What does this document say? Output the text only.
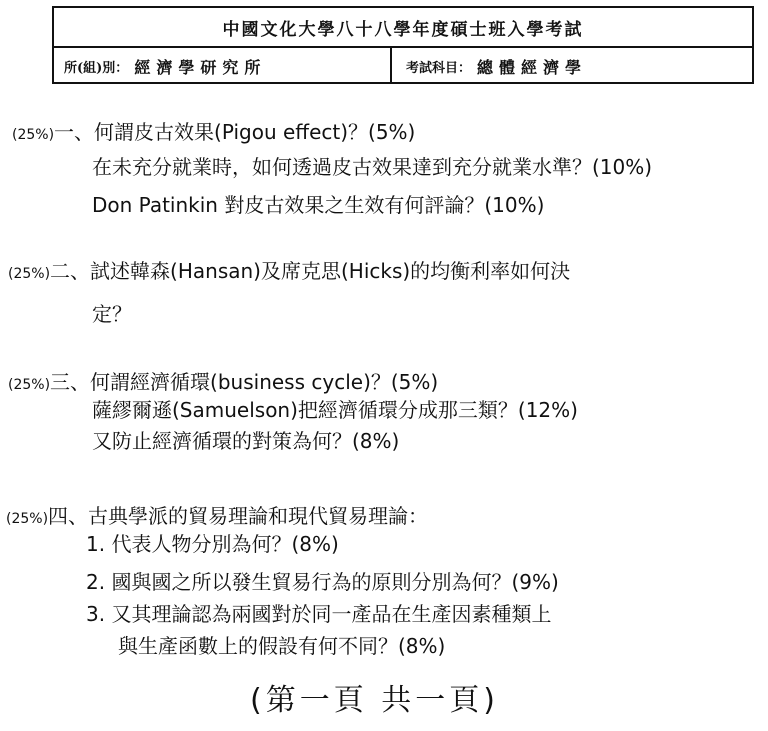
中國文化大學八十八學年度碩士班入學考試
所(組)別： 經濟學研究所	考試科目： 總體經濟學
(25%)一、何謂皮古效果(Pigou effect)？(5%)
在未充分就業時，如何透過皮古效果達到充分就業水準？(10%)
Don Patinkin 對皮古效果之生效有何評論？(10%)
(25%)二、試述韓森(Hansan)及席克思(Hicks)的均衡利率如何決
定？
(25%)三、何謂經濟循環(business cycle)？(5%)
薩繆爾遜(Samuelson)把經濟循環分成那三類？(12%)
又防止經濟循環的對策為何？(8%)
(25%)四、古典學派的貿易理論和現代貿易理論：
1. 代表人物分別為何？(8%)
2. 國與國之所以發生貿易行為的原則分別為何？(9%)
3. 又其理論認為兩國對於同一產品在生產因素種類上
與生產函數上的假設有何不同？(8%)
(第一頁 共一頁)
